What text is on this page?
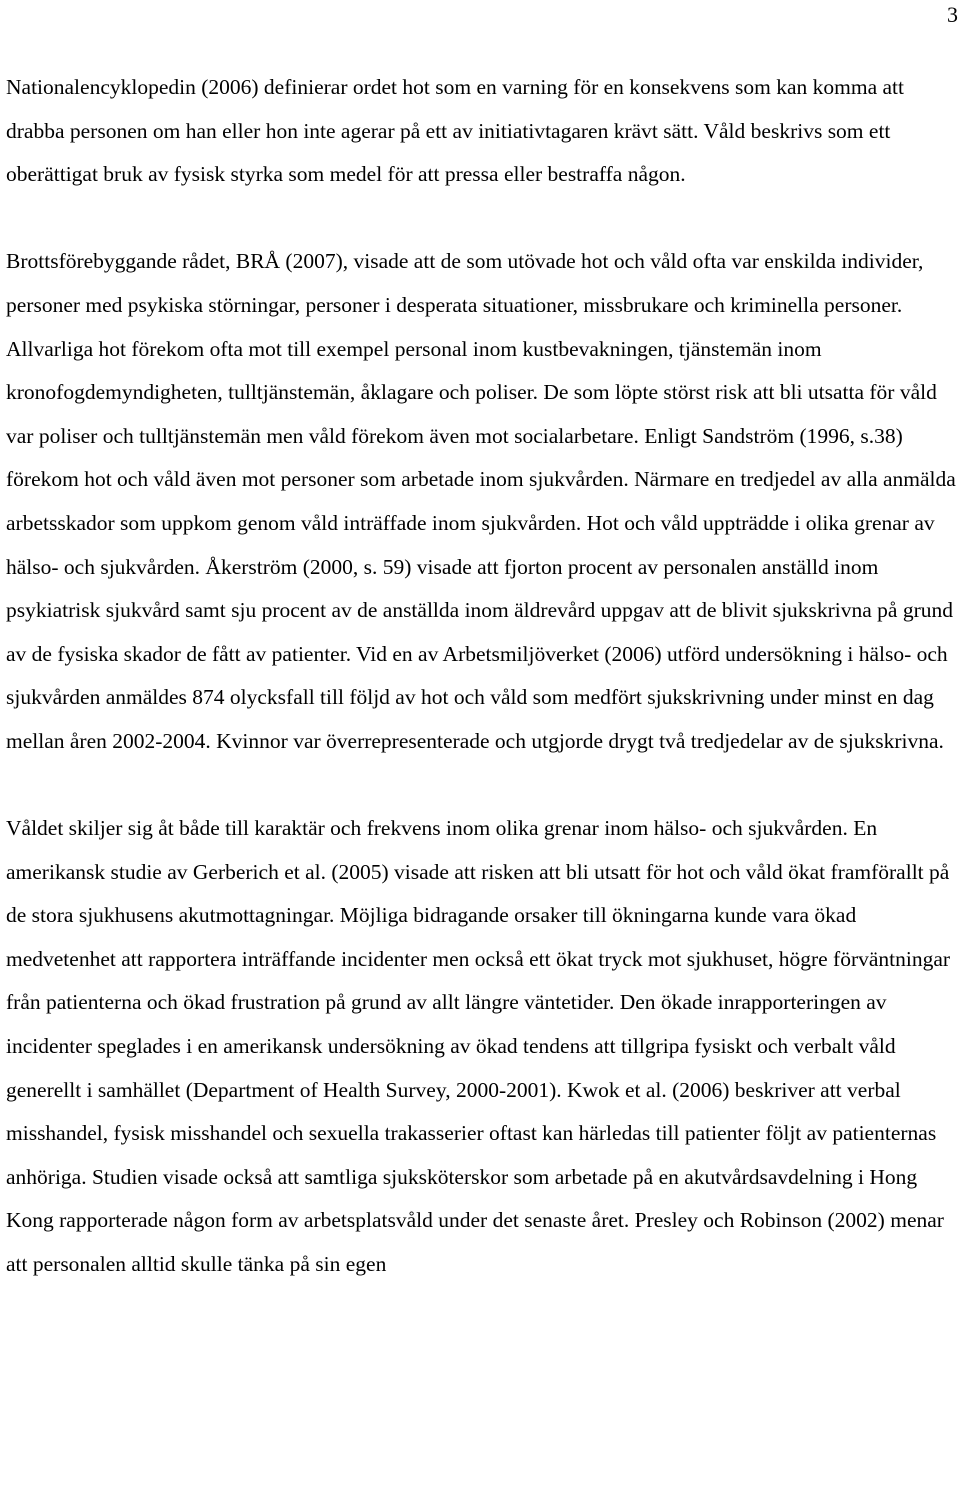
3

Nationalencyklopedin (2006) definierar ordet hot som en varning för en konsekvens som kan komma att drabba personen om han eller hon inte agerar på ett av initiativtagaren krävt sätt. Våld beskrivs som ett oberättigat bruk av fysisk styrka som medel för att pressa eller bestraffa någon.

Brottsförebyggande rådet, BRÅ (2007), visade att de som utövade hot och våld ofta var enskilda individer, personer med psykiska störningar, personer i desperata situationer, missbrukare och kriminella personer. Allvarliga hot förekom ofta mot till exempel personal inom kustbevakningen, tjänstemän inom kronofogdemyndigheten, tulltjänstemän, åklagare och poliser. De som löpte störst risk att bli utsatta för våld var poliser och tulltjänstemän men våld förekom även mot socialarbetare. Enligt Sandström (1996, s.38) förekom hot och våld även mot personer som arbetade inom sjukvården. Närmare en tredjedel av alla anmälda arbetsskador som uppkom genom våld inträffade inom sjukvården. Hot och våld uppträdde i olika grenar av hälso- och sjukvården. Åkerström (2000, s. 59) visade att fjorton procent av personalen anställd inom psykiatrisk sjukvård samt sju procent av de anställda inom äldrevård uppgav att de blivit sjukskrivna på grund av de fysiska skador de fått av patienter. Vid en av Arbetsmiljöverket (2006) utförd undersökning i hälso- och sjukvården anmäldes 874 olycksfall till följd av hot och våld som medfört sjukskrivning under minst en dag mellan åren 2002-2004. Kvinnor var överrepresenterade och utgjorde drygt två tredjedelar av de sjukskrivna.

Våldet skiljer sig åt både till karaktär och frekvens inom olika grenar inom hälso- och sjukvården. En amerikansk studie av Gerberich et al. (2005) visade att risken att bli utsatt för hot och våld ökat framförallt på de stora sjukhusens akutmottagningar. Möjliga bidragande orsaker till ökningarna kunde vara ökad medvetenhet att rapportera inträffande incidenter men också ett ökat tryck mot sjukhuset, högre förväntningar från patienterna och ökad frustration på grund av allt längre väntetider. Den ökade inrapporteringen av incidenter speglades i en amerikansk undersökning av ökad tendens att tillgripa fysiskt och verbalt våld generellt i samhället (Department of Health Survey, 2000-2001). Kwok et al. (2006) beskriver att verbal misshandel, fysisk misshandel och sexuella trakasserier oftast kan härledas till patienter följt av patienternas anhöriga. Studien visade också att samtliga sjuksköterskor som arbetade på en akutvårdsavdelning i Hong Kong rapporterade någon form av arbetsplatsvåld under det senaste året. Presley och Robinson (2002) menar att personalen alltid skulle tänka på sin egen
